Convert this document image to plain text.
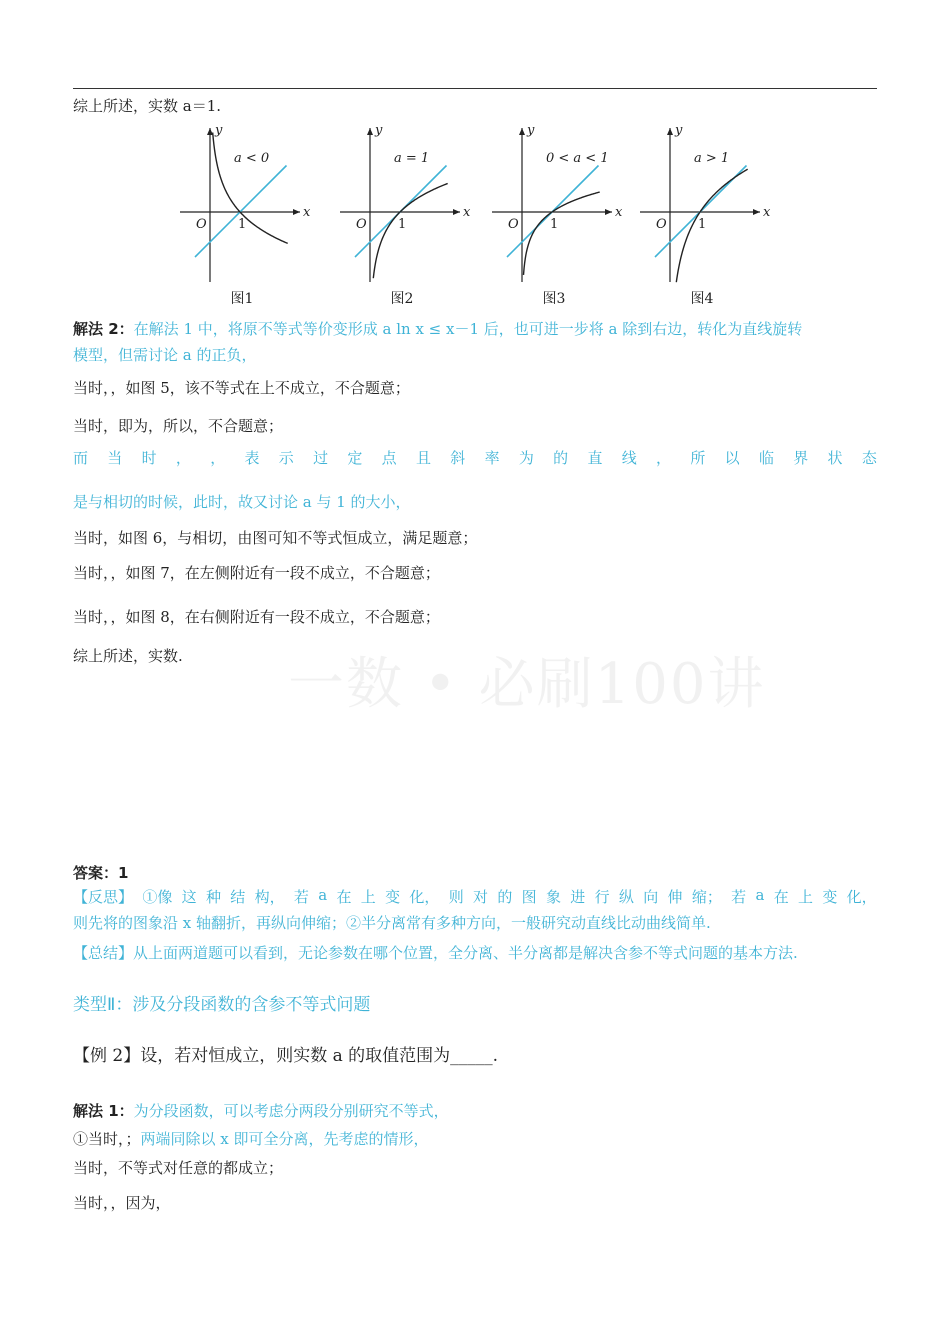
综上所述，实数 a＝1.
x
y
O 1
a < 0
图1
x
y
O 1
a = 1
图2
x
y
O 1
0 < a < 1
图3
x
y
O 1
a > 1
图4
解法 2：在解法 1 中，将原不等式等价变形成 a ln x ≤ x－1 后，也可进一步将 a 除到右边，转化为直线旋转
模型，但需讨论 a 的正负，
当时，，如图 5，该不等式在上不成立，不合题意；
当时，即为，所以，不合题意；
而 当 时 ， ， 表 示 过 定 点 且 斜 率 为 的 直 线 ， 所 以 临 界 状 态
是与相切的时候，此时，故又讨论 a 与 1 的大小，
当时，如图 6，与相切，由图可知不等式恒成立，满足题意；
当时，，如图 7，在左侧附近有一段不成立，不合题意；
当时，，如图 8，在右侧附近有一段不成立，不合题意；
综上所述，实数. 一数 • 必刷100讲
答案：1
【反思】 ①像 这 种 结 构， 若 a 在 上 变 化， 则 对 的 图 象 进 行 纵 向 伸 缩； 若 a 在 上 变 化，
则先将的图象沿 x 轴翻折，再纵向伸缩；②半分离常有多种方向，一般研究动直线比动曲线简单.
【总结】从上面两道题可以看到，无论参数在哪个位置，全分离、半分离都是解决含参不等式问题的基本方法.
类型Ⅱ：涉及分段函数的含参不等式问题
【例 2】设，若对恒成立，则实数 a 的取值范围为_____.
解法 1：为分段函数，可以考虑分两段分别研究不等式，
①当时，；两端同除以 x 即可全分离，先考虑的情形，
当时，不等式对任意的都成立；
当时，，因为，
